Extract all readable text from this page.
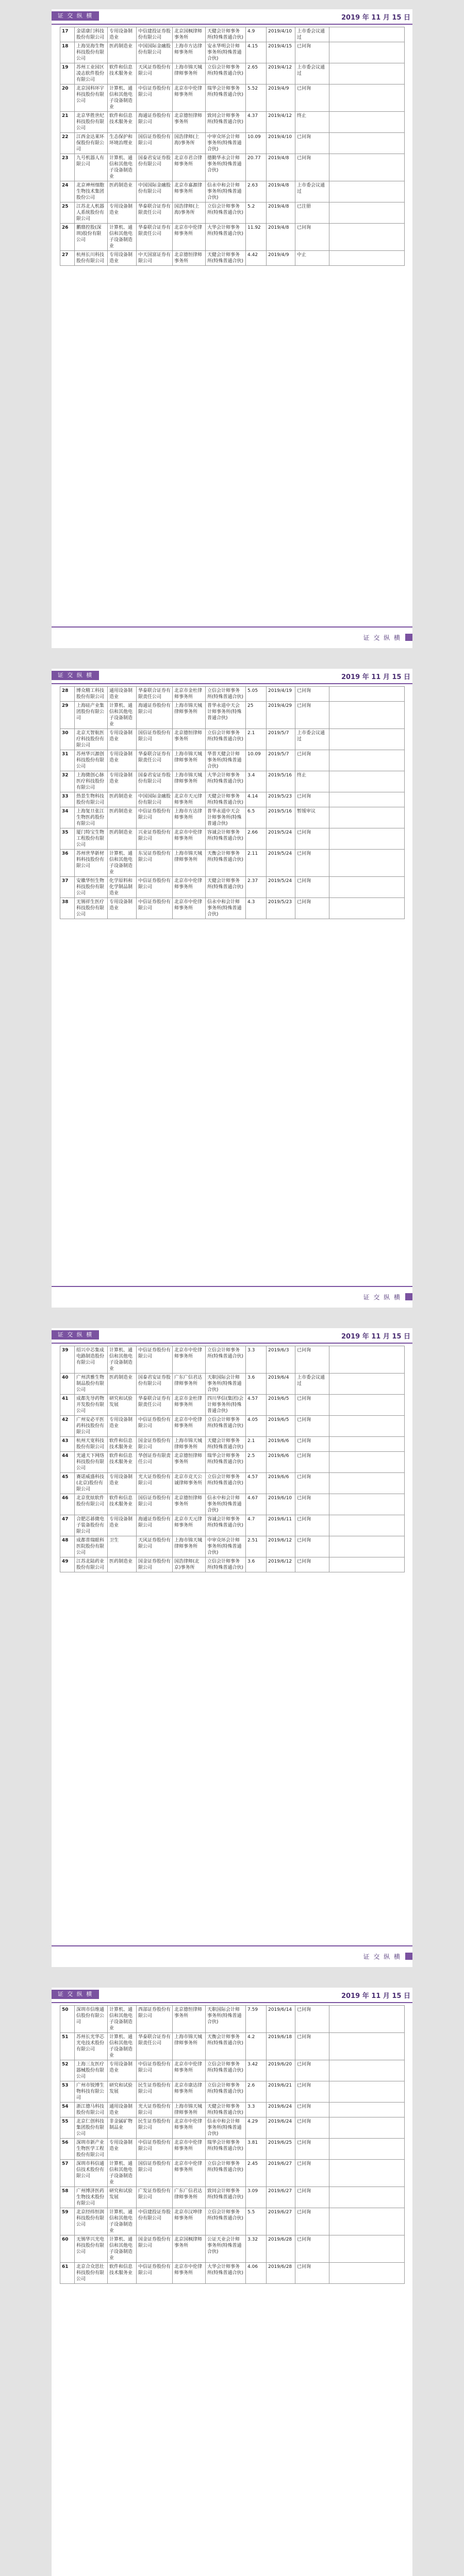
证 交 纵 横	2019 年 11 月 15 日
17	金诺康门科技股份有限公司	专用设备制造业	中信建投证券股份有限公司	北京国枫律师事务所	天健会计师事务所(特殊普通合伙)	4.9	2019/4/10	上市委会议通过	
18	上海昊海生物科技股份有限公司	医药制造业	中国国际金融股份有限公司	上海市方达律师事务所	安永华明会计师事务所(特殊普通合伙)	4.15	2019/4/15	已问询	
19	苏州工业园区凌志软件股份有限公司	软件和信息技术服务业	天风证券股份有限公司	上海市锦天城律师事务所	立信会计师事务所(特殊普通合伙)	2.65	2019/4/12	上市委会议通过	
20	北京国科环宇科技股份有限公司	计算机、通信和其他电子设备制造业	中信证券股份有限公司	北京市中伦律师事务所	瑞华会计师事务所(特殊普通合伙)	5.52	2019/4/9	已问询	
21	北京华胜世纪科技股份有限公司	软件和信息技术服务业	海通证券股份有限公司	北京德恒律师事务所	致同会计师事务所(特殊普通合伙)	4.37	2019/4/12	终止	
22	江西金达莱环保股份有限公司	生态保护和环境治理业	国信证券股份有限公司	国浩律师(上海)事务所	中审众环会计师事务所(特殊普通合伙)	10.09	2019/4/10	已问询	
23	九号机器人有限公司	计算机、通信和其他电子设备制造业	国泰君安证券股份有限公司	北京市君合律师事务所	德勤华永会计师事务所(特殊普通合伙)	20.77	2019/4/8	已问询	
24	北京神州细胞生物技术集团股份公司	医药制造业	中国国际金融股份有限公司	北京市嘉源律师事务所	信永中和会计师事务所(特殊普通合伙)	2.63	2019/4/8	上市委会议通过	
25	江苏北人机器人系统股份有限公司	专用设备制造业	华泰联合证券有限责任公司	国浩律师(上海)事务所	立信会计师事务所(特殊普通合伙)	5.2	2019/4/8	已注册	
26	鹏鼎控股(深圳)股份有限公司	计算机、通信和其他电子设备制造业	华泰联合证券有限责任公司	北京市中伦律师事务所	大华会计师事务所(特殊普通合伙)	11.92	2019/4/8	已问询	
27	杭州长川科技股份有限公司	专用设备制造业	中天国富证券有限公司	北京德恒律师事务所	天健会计师事务所(特殊普通合伙)	4.42	2019/4/9	中止	
证 交 纵 横
证 交 纵 横	2019 年 11 月 15 日
28	博众精工科技股份有限公司	通用设备制造业	华泰联合证券有限责任公司	北京市金杜律师事务所	立信会计师事务所(特殊普通合伙)	5.05	2019/4/19	已问询	
29	上海硅产业集团股份有限公司	计算机、通信和其他电子设备制造业	海通证券股份有限公司	上海市锦天城律师事务所	普华永道中天会计师事务所(特殊普通合伙)	25	2019/4/29	已问询	
30	北京天智航医疗科技股份有限公司	专用设备制造业	国信证券股份有限公司	北京德恒律师事务所	立信会计师事务所(特殊普通合伙)	2.1	2019/5/7	上市委会议通过	
31	苏州华兴源创科技股份有限公司	专用设备制造业	华泰联合证券有限责任公司	上海市锦天城律师事务所	华普天健会计师事务所(特殊普通合伙)	10.09	2019/5/7	已问询	
32	上海微创心脉医疗科技股份有限公司	专用设备制造业	国泰君安证券股份有限公司	上海市锦天城律师事务所	大华会计师事务所(特殊普通合伙)	3.4	2019/5/16	终止	
33	热景生物科技股份有限公司	医药制造业	中国国际金融股份有限公司	北京市天元律师事务所	天健会计师事务所(特殊普通合伙)	4.14	2019/5/23	已问询	
34	上海复旦张江生物医药股份有限公司	医药制造业	中信证券股份有限公司	上海市方达律师事务所	普华永道中天会计师事务所(特殊普通合伙)	6.5	2019/5/16	暂缓审议	
35	厦门特宝生物工程股份有限公司	医药制造业	兴业证券股份有限公司	北京市中伦律师事务所	容诚会计师事务所(特殊普通合伙)	2.66	2019/5/24	已问询	
36	苏州世华新材料科技股份有限公司	计算机、通信和其他电子设备制造业	东吴证券股份有限公司	上海市锦天城律师事务所	天衡会计师事务所(特殊普通合伙)	2.11	2019/5/24	已问询	
37	安徽华恒生物科技股份有限公司	化学原料和化学制品制造业	中信证券股份有限公司	北京市中伦律师事务所	天健会计师事务所(特殊普通合伙)	2.37	2019/5/24	已问询	
38	无锡祥生医疗科技股份有限公司	专用设备制造业	中信证券股份有限公司	北京市中伦律师事务所	信永中和会计师事务所(特殊普通合伙)	4.3	2019/5/23	已问询	
证 交 纵 横
证 交 纵 横	2019 年 11 月 15 日
39	绍兴中芯集成电路制造股份有限公司	计算机、通信和其他电子设备制造业	中信证券股份有限公司	北京市中伦律师事务所	立信会计师事务所(特殊普通合伙)	3.3	2019/6/3	已问询	
40	广州洪雅生物制品股份有限公司	医药制造业	国泰君安证券股份有限公司	广东广信君达律师事务所	天职国际会计师事务所(特殊普通合伙)	3.6	2019/6/4	上市委会议通过	
41	成都先导药物开发股份有限公司	研究和试验发展	华泰联合证券有限责任公司	北京市金杜律师事务所	四川华信(集团)会计师事务所(特殊普通合伙)	4.57	2019/6/5	已问询	
42	广州安必平医药科技股份有限公司	专用设备制造业	中信证券股份有限公司	北京市中伦律师事务所	立信会计师事务所(特殊普通合伙)	4.05	2019/6/5	已问询	
43	杭州天宽科技股份有限公司	软件和信息技术服务业	国金证券股份有限公司	上海市锦天城律师事务所	天健会计师事务所(特殊普通合伙)	2.1	2019/6/6	已问询	
44	光通天下网络科技股份有限公司	软件和信息技术服务业	华创证券有限责任公司	北京德恒律师事务所	瑞华会计师事务所(特殊普通合伙)	2.5	2019/6/6	已问询	
45	赛诺威盛科技(北京)股份有限公司	专用设备制造业	光大证券股份有限公司	北京市竞天公诚律师事务所	立信会计师事务所(特殊普通合伙)	4.57	2019/6/6	已问询	
46	北京优炫软件股份有限公司	软件和信息技术服务业	国信证券股份有限公司	北京德恒律师事务所	信永中和会计师事务所(特殊普通合伙)	4.67	2019/6/10	已问询	
47	合肥芯碁微电子装备股份有限公司	专用设备制造业	海通证券股份有限公司	北京市天元律师事务所	容诚会计师事务所(特殊普通合伙)	4.7	2019/6/11	已问询	
48	成都普瑞眼科医院股份有限公司	卫生	天风证券股份有限公司	上海市锦天城律师事务所	中审众环会计师事务所(特殊普通合伙)	2.51	2019/6/12	已问询	
49	江苏北陆药业股份有限公司	医药制造业	国金证券股份有限公司	国浩律师(北京)事务所	立信会计师事务所(特殊普通合伙)	3.6	2019/6/12	已问询	
证 交 纵 横
证 交 纵 横	2019 年 11 月 15 日
50	深圳市信维通信股份有限公司	计算机、通信和其他电子设备制造业	西部证券股份有限公司	北京德恒律师事务所	天职国际会计师事务所(特殊普通合伙)	7.59	2019/6/14	已问询	
51	苏州长光华芯光电技术股份有限公司	计算机、通信和其他电子设备制造业	华泰联合证券有限责任公司	上海市锦天城律师事务所	天衡会计师事务所(特殊普通合伙)	4.2	2019/6/18	已问询	
52	上海三友医疗器械股份有限公司	专用设备制造业	中信证券股份有限公司	北京市中伦律师事务所	立信会计师事务所(特殊普通合伙)	3.42	2019/6/20	已问询	
53	广州市锐博生物科技有限公司	研究和试验发展	民生证券股份有限公司	北京市康达律师事务所	立信会计师事务所(特殊普通合伙)	2.6	2019/6/21	已问询	
54	浙江德马科技股份有限公司	通用设备制造业	光大证券股份有限公司	上海市锦天城律师事务所	天健会计师事务所(特殊普通合伙)	3.3	2019/6/24	已问询	
55	北京仁创科技集团股份有限公司	非金属矿物制品业	民生证券股份有限公司	北京市中伦律师事务所	信永中和会计师事务所(特殊普通合伙)	4.29	2019/6/24	已问询	
56	深圳市新产业生物医学工程股份有限公司	专用设备制造业	中信证券股份有限公司	北京市中伦律师事务所	瑞华会计师事务所(特殊普通合伙)	3.81	2019/6/25	已问询	
57	深圳市科信通信技术股份有限公司	计算机、通信和其他电子设备制造业	国信证券股份有限公司	北京市中伦律师事务所	立信会计师事务所(特殊普通合伙)	2.45	2019/6/27	已问询	
58	广州博济医药生物技术股份有限公司	研究和试验发展	广发证券股份有限公司	广东广信君达律师事务所	致同会计师事务所(特殊普通合伙)	3.09	2019/6/27	已问询	
59	北京经纬恒润科技股份有限公司	计算机、通信和其他电子设备制造业	中信建投证券股份有限公司	北京市汉坤律师事务所	立信会计师事务所(特殊普通合伙)	5.5	2019/6/27	已问询	
60	无锡华兴光电科技股份有限公司	计算机、通信和其他电子设备制造业	国金证券股份有限公司	北京国枫律师事务所	公证天业会计师事务所(特殊普通合伙)	3.32	2019/6/28	已问询	
61	北京合众思壮科技股份有限公司	软件和信息技术服务业	中信证券股份有限公司	北京市中伦律师事务所	大华会计师事务所(特殊普通合伙)	4.06	2019/6/28	已问询	
